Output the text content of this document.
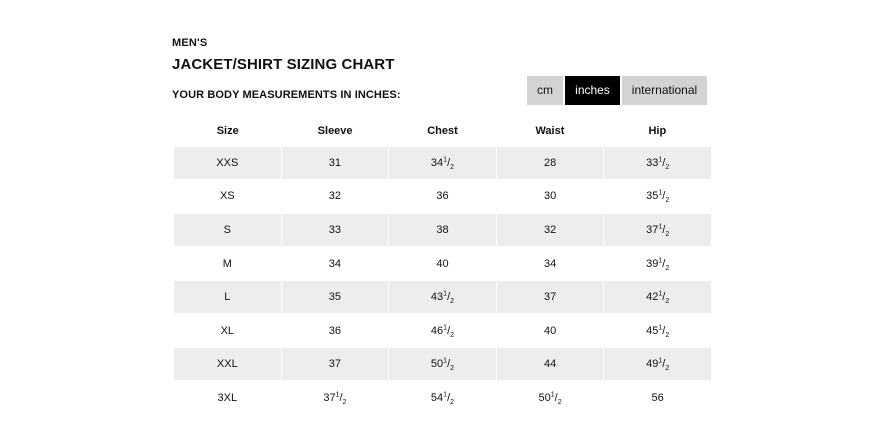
MEN'S
JACKET/SHIRT SIZING CHART
YOUR BODY MEASUREMENTS IN INCHES:	cm	inches	international
Size	Sleeve	Chest	Waist	Hip
XXS	31	$34^1/_2$	28	$33^1/_2$
XS	32	36	30	$35^1/_2$
S	33	38	32	$37^1/_2$
M	34	40	34	$39^1/_2$
L	35	$43^1/_2$	37	$42^1/_2$
XL	36	$46^1/_2$	40	$45^1/_2$
XXL	37	$50^1/_2$	44	$49^1/_2$
3XL	$37^1/_2$	$54^1/_2$	$50^1/_2$	56
